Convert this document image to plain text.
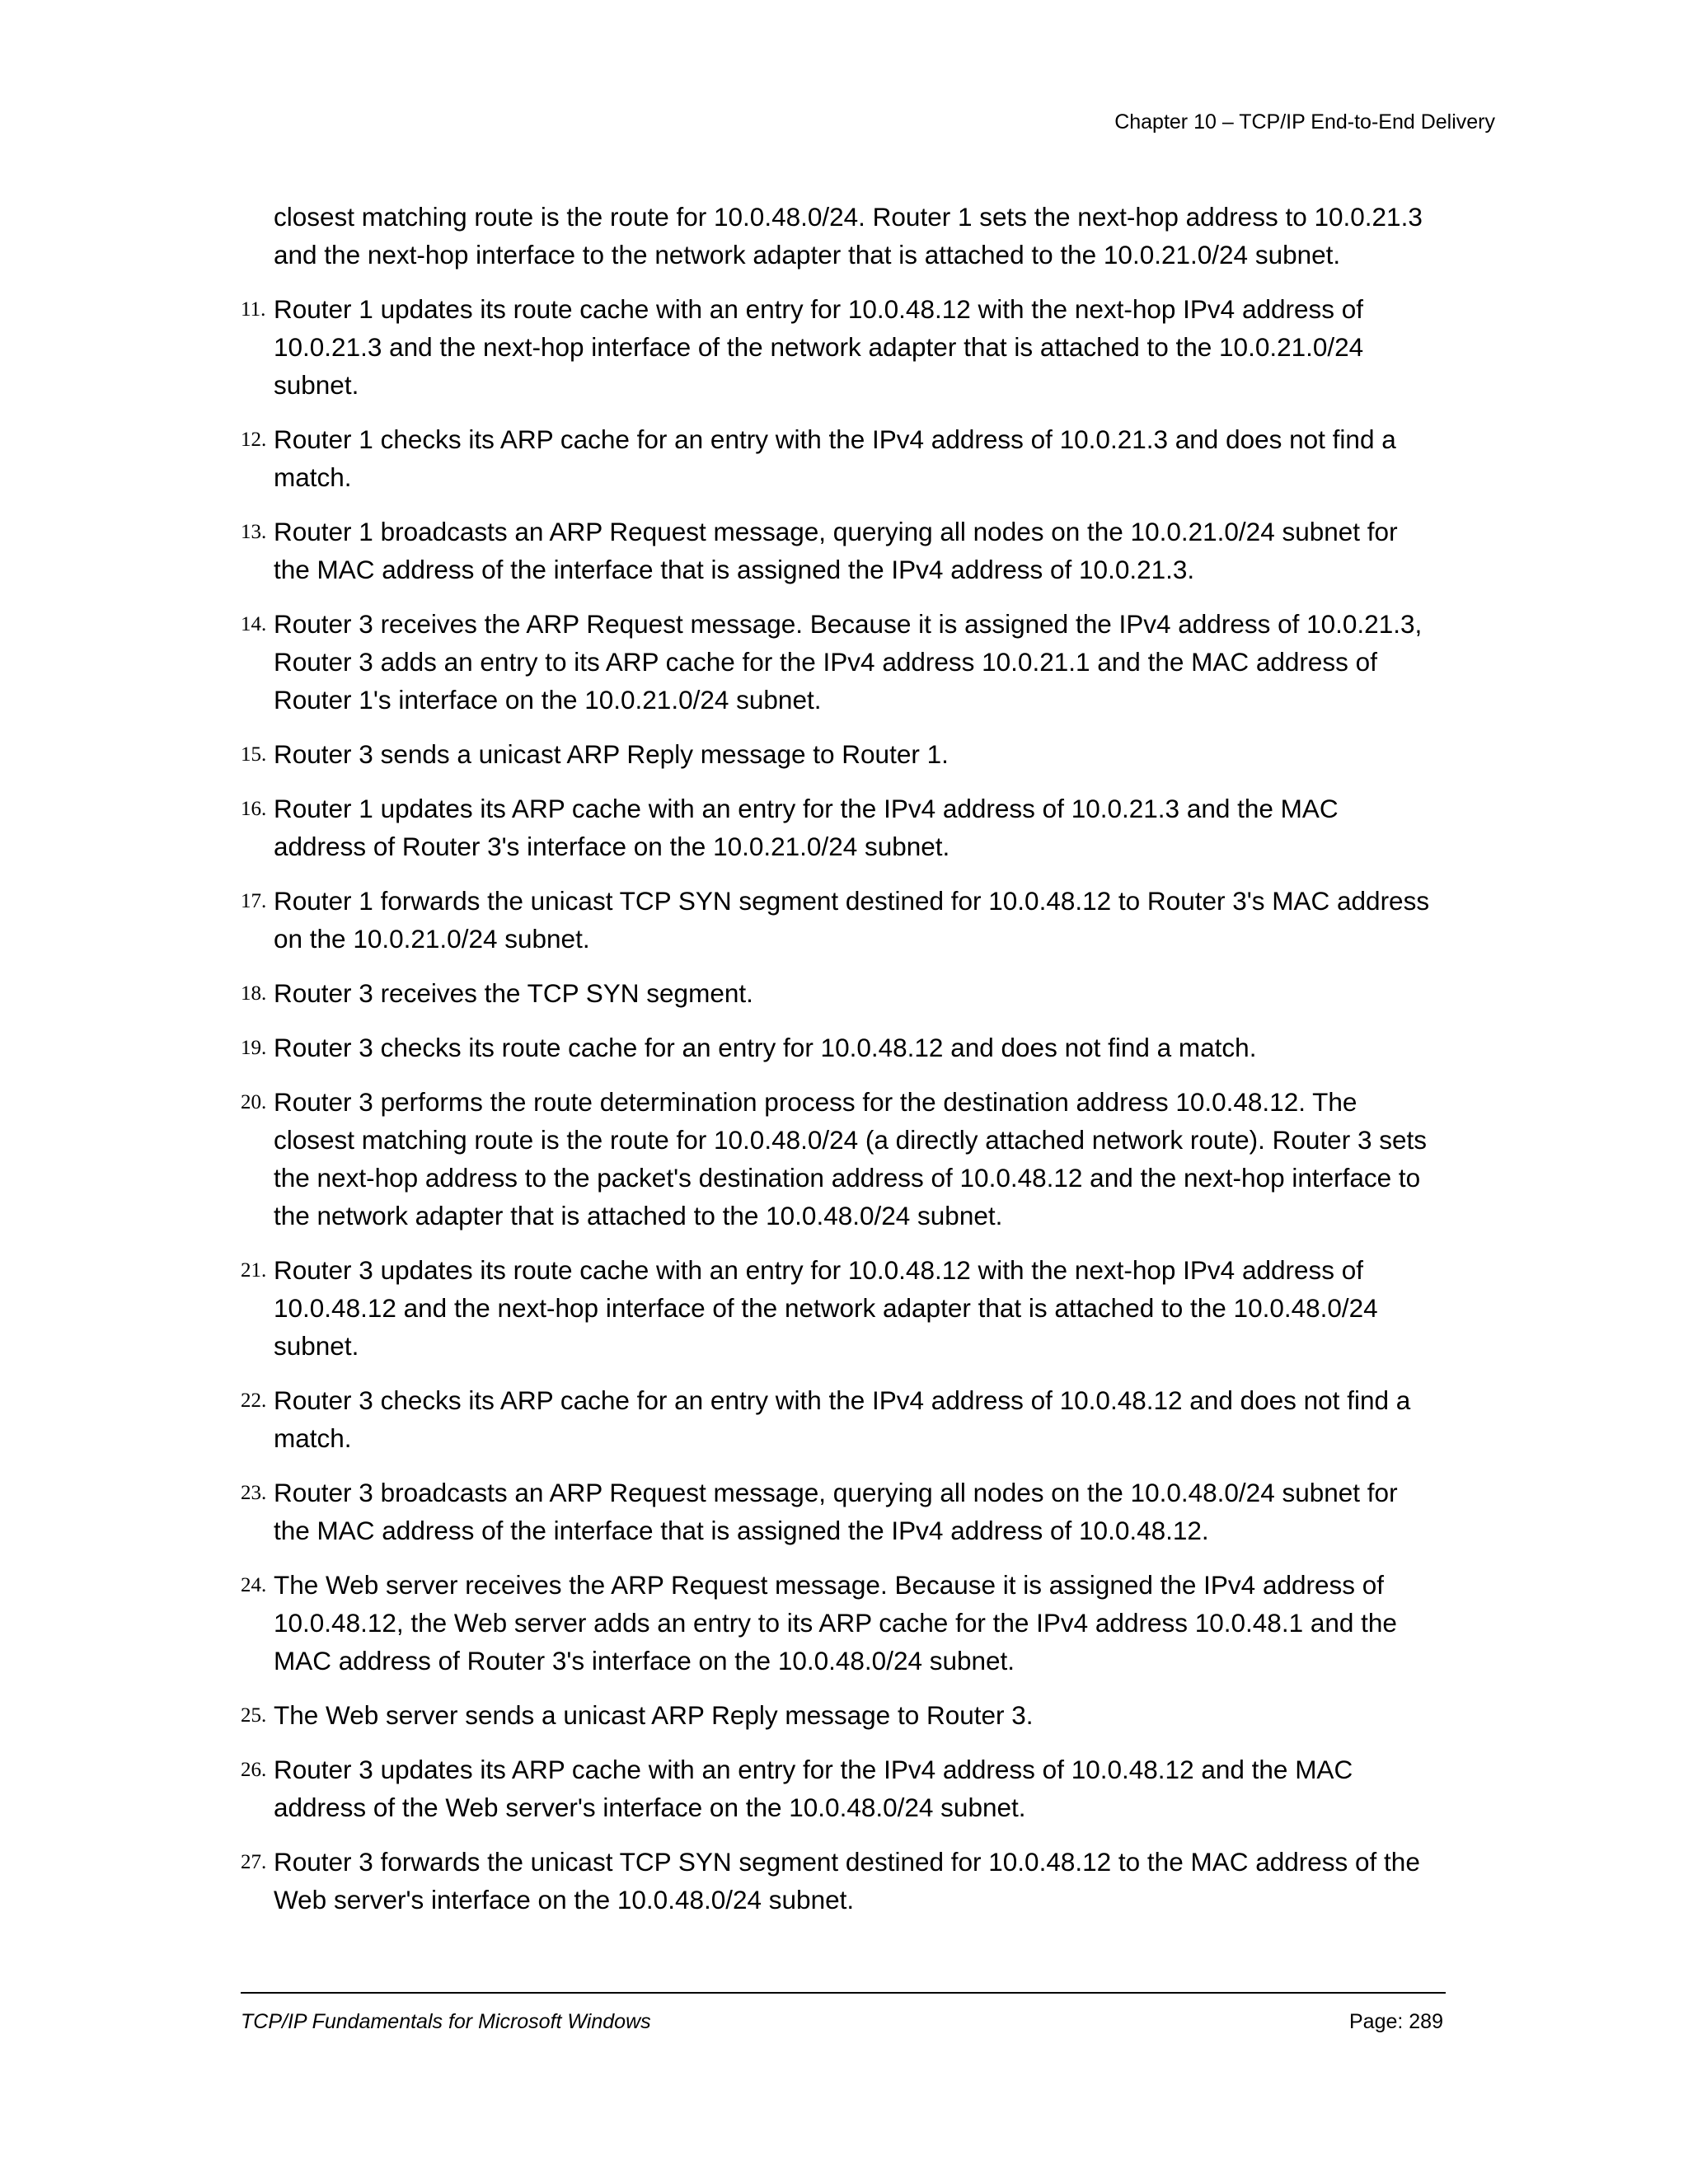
Chapter 10 – TCP/IP End-to-End Delivery

closest matching route is the route for 10.0.48.0/24. Router 1 sets the next-hop address to 10.0.21.3
and the next-hop interface to the network adapter that is attached to the 10.0.21.0/24 subnet.

11. Router 1 updates its route cache with an entry for 10.0.48.12 with the next-hop IPv4 address of
10.0.21.3 and the next-hop interface of the network adapter that is attached to the 10.0.21.0/24
subnet.
12. Router 1 checks its ARP cache for an entry with the IPv4 address of 10.0.21.3 and does not find a
match.
13. Router 1 broadcasts an ARP Request message, querying all nodes on the 10.0.21.0/24 subnet for
the MAC address of the interface that is assigned the IPv4 address of 10.0.21.3.
14. Router 3 receives the ARP Request message. Because it is assigned the IPv4 address of 10.0.21.3,
Router 3 adds an entry to its ARP cache for the IPv4 address 10.0.21.1 and the MAC address of
Router 1's interface on the 10.0.21.0/24 subnet.
15. Router 3 sends a unicast ARP Reply message to Router 1.
16. Router 1 updates its ARP cache with an entry for the IPv4 address of 10.0.21.3 and the MAC
address of Router 3's interface on the 10.0.21.0/24 subnet.
17. Router 1 forwards the unicast TCP SYN segment destined for 10.0.48.12 to Router 3's MAC address
on the 10.0.21.0/24 subnet.
18. Router 3 receives the TCP SYN segment.
19. Router 3 checks its route cache for an entry for 10.0.48.12 and does not find a match.
20. Router 3 performs the route determination process for the destination address 10.0.48.12. The
closest matching route is the route for 10.0.48.0/24 (a directly attached network route). Router 3 sets
the next-hop address to the packet's destination address of 10.0.48.12 and the next-hop interface to
the network adapter that is attached to the 10.0.48.0/24 subnet.
21. Router 3 updates its route cache with an entry for 10.0.48.12 with the next-hop IPv4 address of
10.0.48.12 and the next-hop interface of the network adapter that is attached to the 10.0.48.0/24
subnet.
22. Router 3 checks its ARP cache for an entry with the IPv4 address of 10.0.48.12 and does not find a
match.
23. Router 3 broadcasts an ARP Request message, querying all nodes on the 10.0.48.0/24 subnet for
the MAC address of the interface that is assigned the IPv4 address of 10.0.48.12.
24. The Web server receives the ARP Request message. Because it is assigned the IPv4 address of
10.0.48.12, the Web server adds an entry to its ARP cache for the IPv4 address 10.0.48.1 and the
MAC address of Router 3's interface on the 10.0.48.0/24 subnet.
25. The Web server sends a unicast ARP Reply message to Router 3.
26. Router 3 updates its ARP cache with an entry for the IPv4 address of 10.0.48.12 and the MAC
address of the Web server's interface on the 10.0.48.0/24 subnet.
27. Router 3 forwards the unicast TCP SYN segment destined for 10.0.48.12 to the MAC address of the
Web server's interface on the 10.0.48.0/24 subnet.
TCP/IP Fundamentals for Microsoft Windows	Page: 289
